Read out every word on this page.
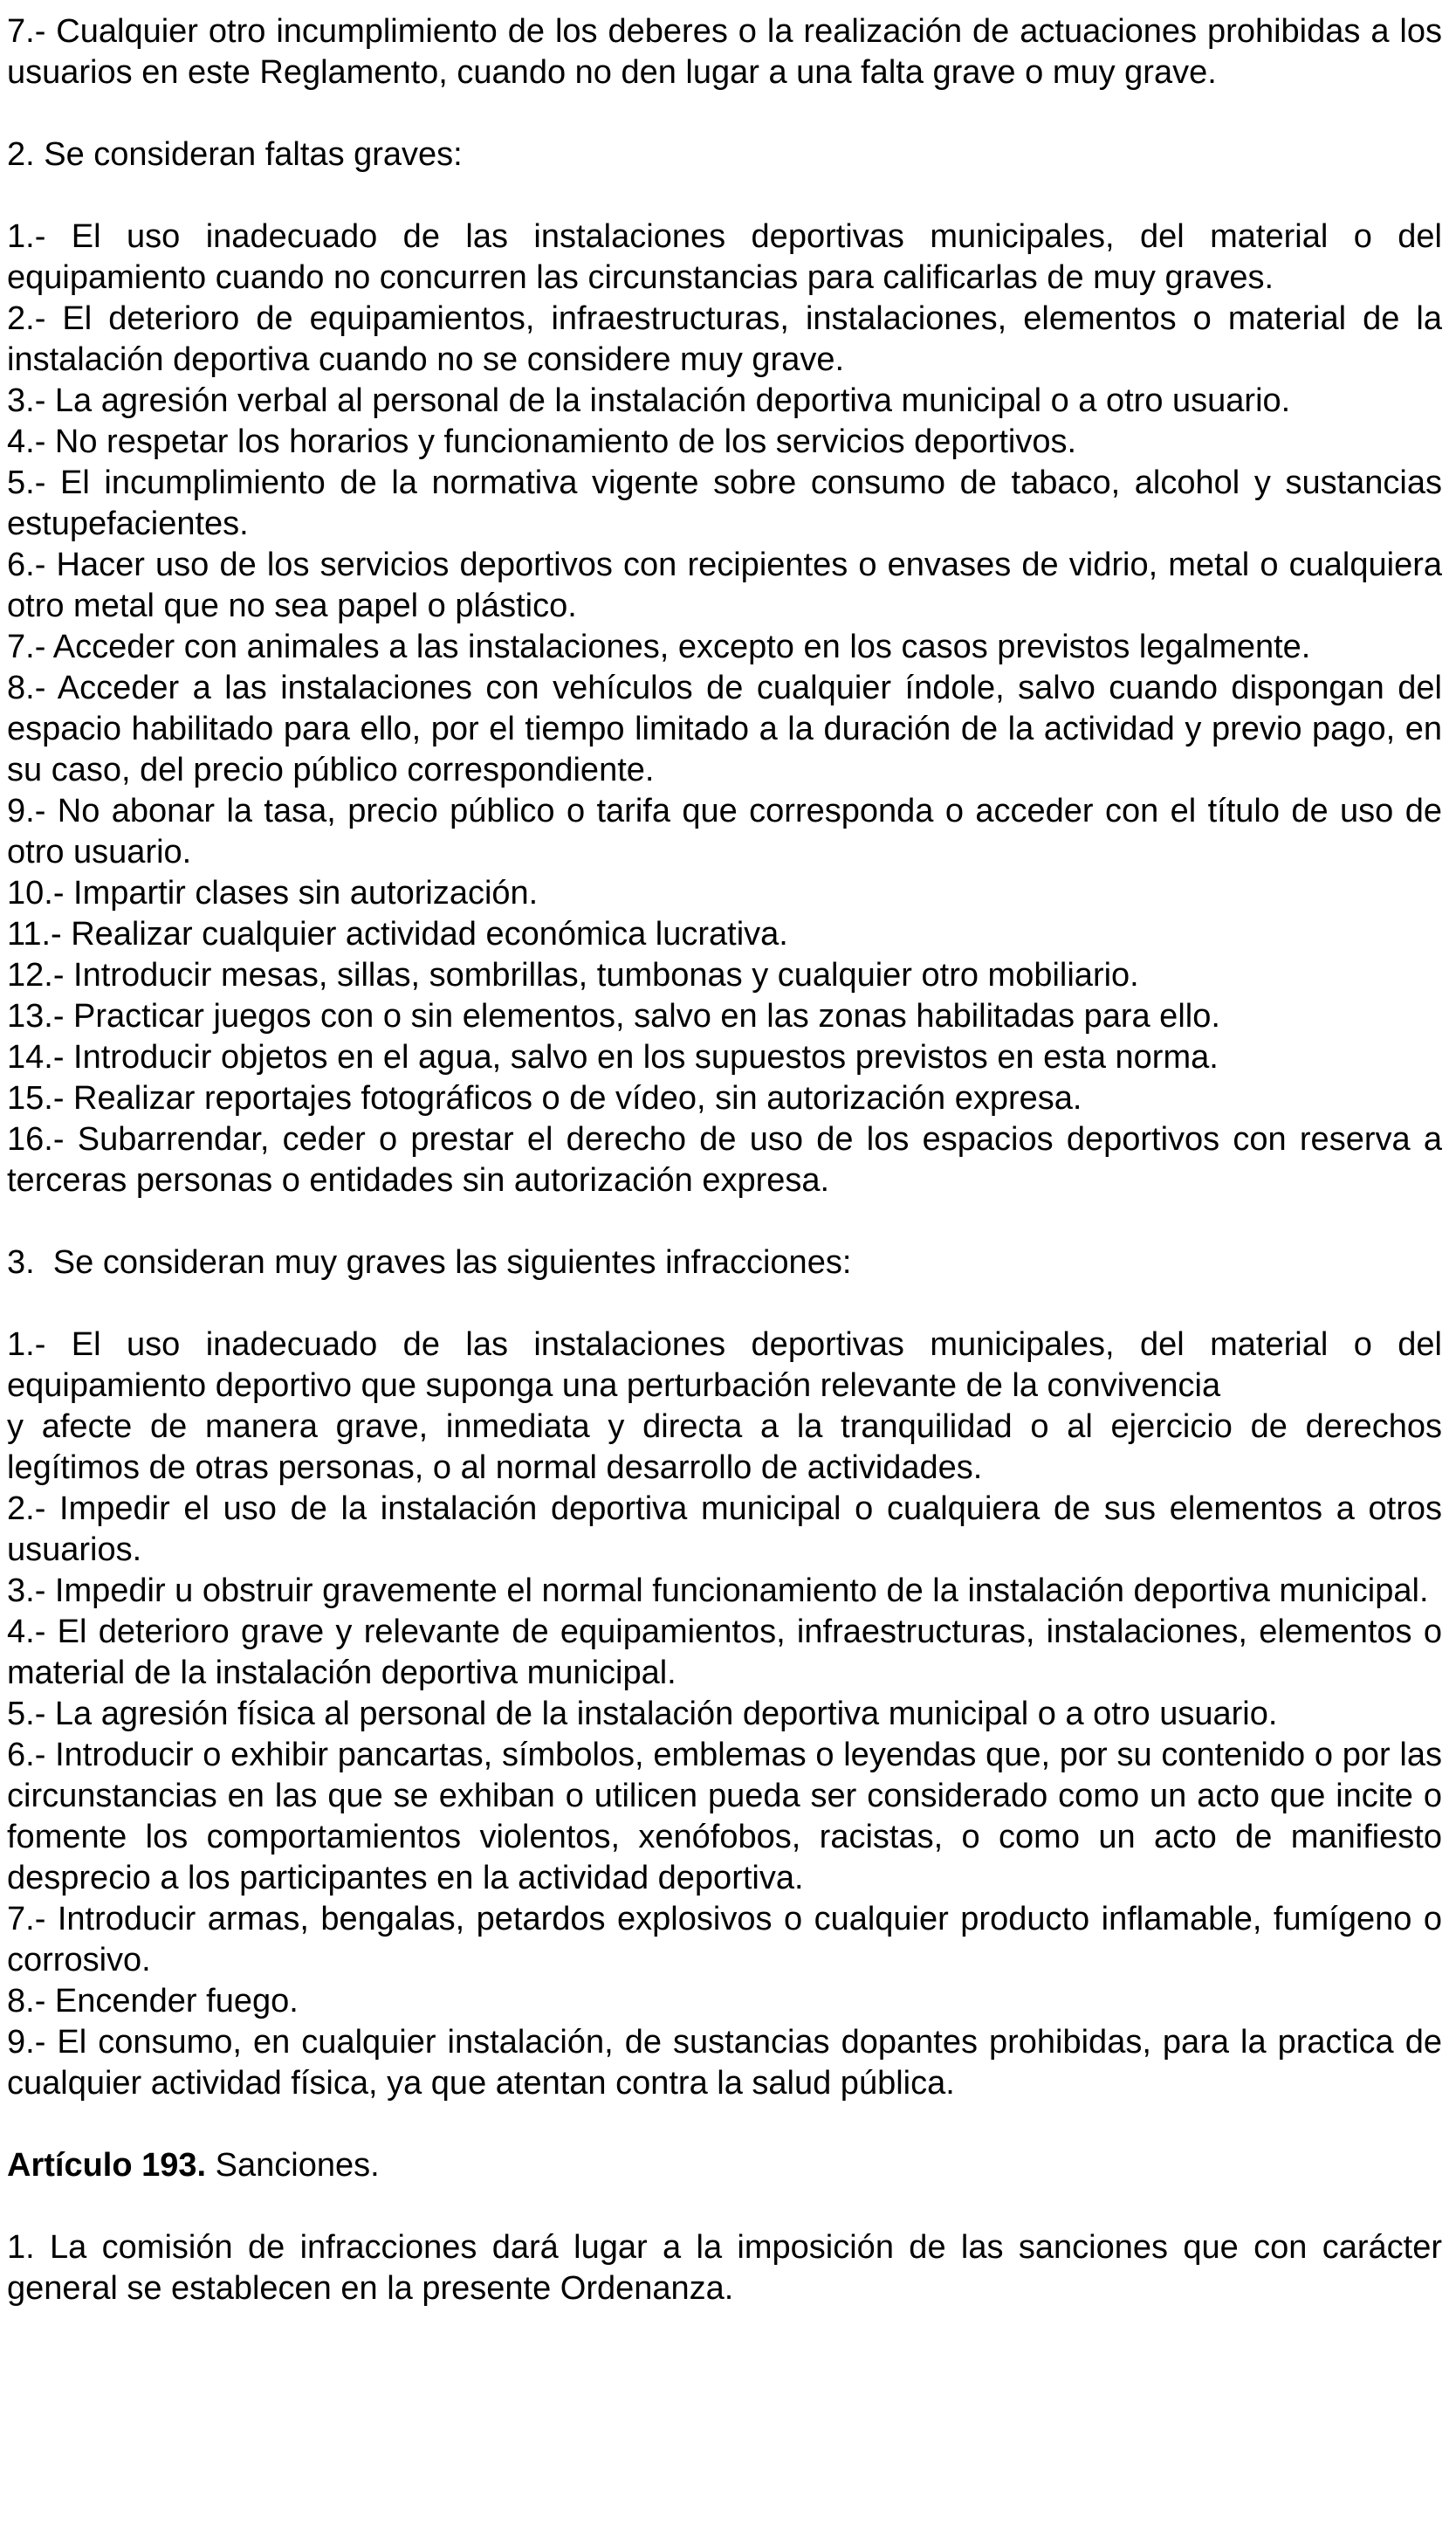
7.- Cualquier otro incumplimiento de los deberes o la realización de actuaciones prohibidas a los usuarios en este Reglamento, cuando no den lugar a una falta grave o muy grave.

2. Se consideran faltas graves:

1.- El uso inadecuado de las instalaciones deportivas municipales, del material o del equipamiento cuando no concurren las circunstancias para calificarlas de muy graves.

2.- El deterioro de equipamientos, infraestructuras, instalaciones, elementos o material de la instalación deportiva cuando no se considere muy grave.

3.- La agresión verbal al personal de la instalación deportiva municipal o a otro usuario.

4.- No respetar los horarios y funcionamiento de los servicios deportivos.

5.- El incumplimiento de la normativa vigente sobre consumo de tabaco, alcohol y sustancias estupefacientes.

6.- Hacer uso de los servicios deportivos con recipientes o envases de vidrio, metal o cualquiera otro metal que no sea papel o plástico.

7.- Acceder con animales a las instalaciones, excepto en los casos previstos legalmente.

8.- Acceder a las instalaciones con vehículos de cualquier índole, salvo cuando dispongan del espacio habilitado para ello, por el tiempo limitado a la duración de la actividad y previo pago, en su caso, del precio público correspondiente.

9.- No abonar la tasa, precio público o tarifa que corresponda o acceder con el título de uso de otro usuario.

10.- Impartir clases sin autorización.

11.- Realizar cualquier actividad económica lucrativa.

12.- Introducir mesas, sillas, sombrillas, tumbonas y cualquier otro mobiliario.

13.- Practicar juegos con o sin elementos, salvo en las zonas habilitadas para ello.

14.- Introducir objetos en el agua, salvo en los supuestos previstos en esta norma.

15.- Realizar reportajes fotográficos o de vídeo, sin autorización expresa.

16.- Subarrendar, ceder o prestar el derecho de uso de los espacios deportivos con reserva a terceras personas o entidades sin autorización expresa.

3.  Se consideran muy graves las siguientes infracciones:

1.- El uso inadecuado de las instalaciones deportivas municipales, del material o del equipamiento deportivo que suponga una perturbación relevante de la convivencia

y afecte de manera grave, inmediata y directa a la tranquilidad o al ejercicio de derechos legítimos de otras personas, o al normal desarrollo de actividades.

2.- Impedir el uso de la instalación deportiva municipal o cualquiera de sus elementos a otros usuarios.

3.- Impedir u obstruir gravemente el normal funcionamiento de la instalación deportiva municipal.

4.- El deterioro grave y relevante de equipamientos, infraestructuras, instalaciones, elementos o material de la instalación deportiva municipal.

5.- La agresión física al personal de la instalación deportiva municipal o a otro usuario.

6.- Introducir o exhibir pancartas, símbolos, emblemas o leyendas que, por su contenido o por las circunstancias en las que se exhiban o utilicen pueda ser considerado como un acto que incite o fomente los comportamientos violentos, xenófobos, racistas, o como un acto de manifiesto desprecio a los participantes en la actividad deportiva.

7.- Introducir armas, bengalas, petardos explosivos o cualquier producto inflamable, fumígeno o corrosivo.

8.- Encender fuego.

9.- El consumo, en cualquier instalación, de sustancias dopantes prohibidas, para la practica de cualquier actividad física, ya que atentan contra la salud pública.

Artículo 193. Sanciones.

1. La comisión de infracciones dará lugar a la imposición de las sanciones que con carácter general se establecen en la presente Ordenanza.
